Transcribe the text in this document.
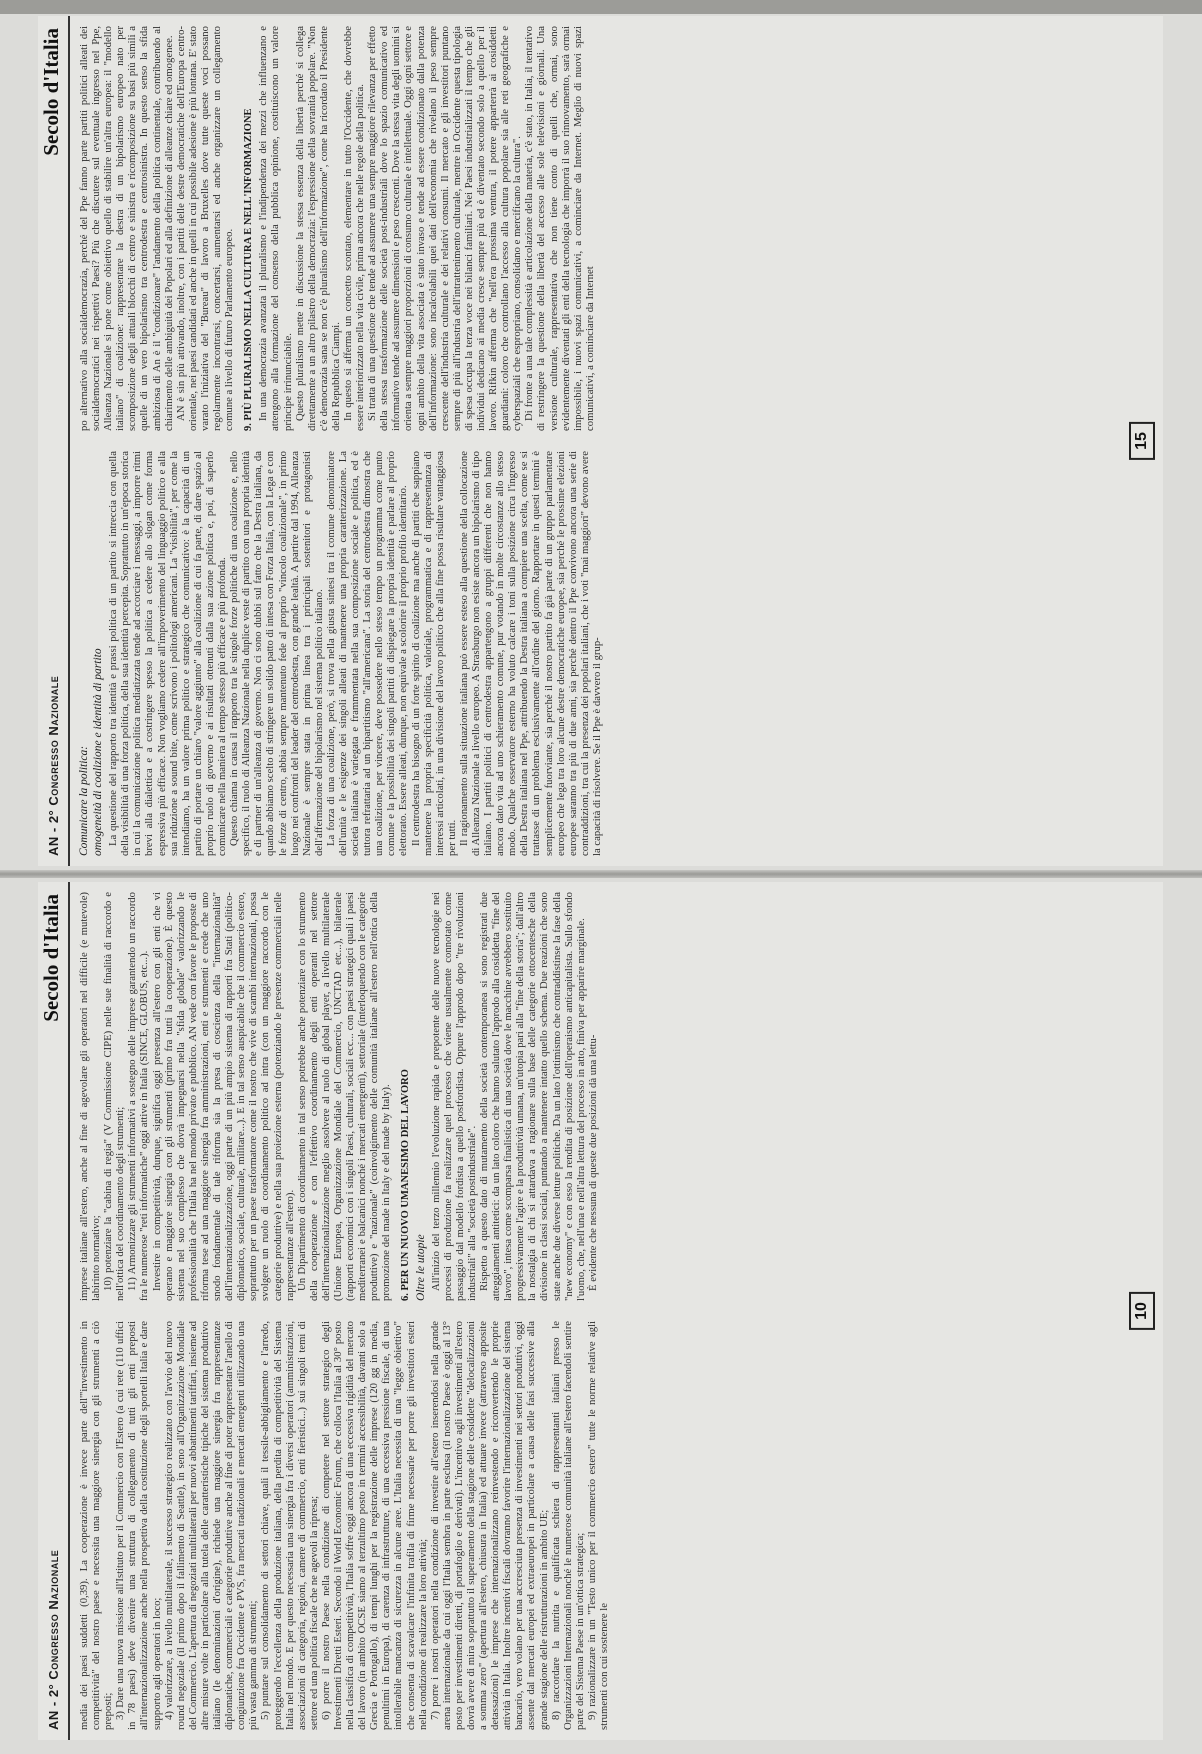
AN - 2° Congresso Nazionale
Secolo d'Italia

media dei paesi suddetti (0,39). La cooperazione è invece parte dell'"investimento in competitività" del nostro paese e necessita una maggiore sinergia con gli strumenti a ciò preposti; 3) Dare una nuova missione all'Istituto per il Commercio con l'Estero (a cui rete (110 uffici in 78 paesi) deve divenire una struttura di collegamento di tutti gli enti preposti all'internazionalizzazione anche nella prospettiva della costituzione degli sportelli Italia e dare supporto agli operatori in loco; 4) valorizzare, a livello multilaterale, il successo strategico realizzato con l'avvio del nuovo round negoziale (il primo dopo il fallimento di Seattle), in seno all'Organizzazione Mondiale del Commercio. L'apertura di negoziati multilaterali per nuovi abbattimenti tariffari, insieme ad altre misure volte in particolare alla tutela delle caratteristiche tipiche del sistema produttivo italiano (le denominazioni d'origine), richiede una maggiore sinergia fra rappresentanze diplomatiche, commerciali e categorie produttive anche al fine di poter rappresentare l'anello di congiunzione fra Occidente e PVS, fra mercati tradizionali e mercati emergenti utilizzando una più vasta gamma di strumenti; 5) puntare sul consolidamento di settori chiave, quali il tessile-abbigliamento e l'arredo, proteggendo l'eccellenza della produzione italiana, della perdita di competitività del Sistema Italia nel mondo. E per questo necessaria una sinergia fra i diversi operatori (amministrazioni, associazioni di categoria, regioni, camere di commercio, enti fieristici...) sui singoli temi di settore ed una politica fiscale che ne agevoli la ripresa; 6) porre il nostro Paese nella condizione di competere nel settore strategico degli Investimenti Diretti Esteri. Secondo il World Economic Forum, che colloca l'Italia al 30° posto nella classifica di competitività, l'Italia soffre oggi ancora di una eccessiva rigidità del mercato del lavoro (in ambito OCSE siamo al terzultimo posto in termini accessibilità, davanti solo a Grecia e Portogallo), di tempi lunghi per la registrazione delle imprese (120 gg in media, penultimi in Europa), di carenza di infrastrutture, di una eccessiva pressione fiscale, di una intollerabile mancanza di sicurezza in alcune aree. L'Italia necessita di una "legge obiettivo" che consenta di scavalcare l'infinita trafila di firme necessarie per porre gli investitori esteri nella condizione di realizzare la loro attività; 7) porre i nostri operatori nella condizione di investire all'estero inserendosi nella grande arena internazionale da cui oggi l'Italia sembra in parte esclusa (il nostro Paese è oggi al 13° posto per investimenti diretti, di portafoglio e derivati). L'incentivo agli investimenti all'estero dovrà avere di mira soprattutto il superamento della stagione delle cosiddette "delocalizzazioni a somma zero" (apertura all'estero, chiusura in Italia) ed attuare invece (attraverso apposite detassazioni) le imprese che internazionalizzano reinvestendo e riconvertendo le proprie attività in Italia. Inoltre incentivi fiscali dovranno favorire l'internazionalizzazione del sistema bancario, vero volano per una accresciuta presenza di investimenti nei settori produttivi, oggi assente dal mercati europei ed extraeuropei in particolare a causa delle fasi successive alla grande stagione delle ristrutturazioni in ambito UE; 8) raccordare la nutrita e qualificata schiera di rappresentanti italiani presso le Organizzazioni Internazionali nonché le numerose comunità italiane all'estero facendoli sentire parte del Sistema Paese in un'ottica strategica; 9) razionalizzare in un "Testo unico per il commercio estero" tutte le norme relative agli strumenti con cui sostenere le

imprese italiane all'estero, anche al fine di agevolare gli operatori nel difficile (e mutevole) labirinto normativo; 10) potenziare la "cabina di regia" (V Commissione CIPE) nelle sue finalità di raccordo e nell'ottica del coordinamento degli strumenti; 11) Armonizzare gli strumenti informativi a sostegno delle imprese garantendo un raccordo fra le numerose "reti informatiche" oggi attive in Italia (SINCE, GLOBUS, etc...). Investire in competitività, dunque, significa oggi presenza all'estero con gli enti che vi operano e maggiore sinergia con gli strumenti (primo fra tutti la cooperazione). È questo sistema nel suo complesso che dovrà impegnarsi nella "sfida globale" valorizzando le professionalità che l'Italia ha nel mondo privato e pubblico. AN vede con favore le proposte di riforma tese ad una maggiore sinergia fra amministrazioni, enti e strumenti e crede che uno snodo fondamentale di tale riforma sia la presa di coscienza della "internazionalità" dell'internazionalizzazione, oggi parte di un più ampio sistema di rapporti fra Stati (politico-diplomatico, sociale, culturale, militare...). E in tal senso auspicabile che il commercio estero, soprattutto per un paese trasformatore come il nostro che vive di scambi internazionali, possa svolgere un ruolo di coordinamento politico ad intra (con un maggiore raccordo con le categorie produttive) e nella sua proiezione esterna (potenziando le presenze commerciali nelle rappresentanze all'estero). Un Dipartimento di coordinamento in tal senso potrebbe anche potenziare con lo strumento della cooperazione e con l'effettivo coordinamento degli enti operanti nel settore dell'internazionalizzazione meglio assolvere al ruolo di global player, a livello multilaterale (Unione Europea, Organizzazione Mondiale del Commercio, UNCTAD etc...), bilaterale (rapporti economici con i singoli Paesi, culturali, sociali ecc... con paesi strategici quali i paesi mediterranei e balcanici nonché i mercati emergenti), settoriale (interloquendo con le categorie produttive) e "nazionale" (coinvolgimento delle comunità italiane all'estero nell'ottica della promozione del made in Italy e del made by Italy). 6. PER UN NUOVO UMANESIMO DEL LAVORO Oltre le utopie All'inizio del terzo millennio l'evoluzione rapida e prepotente delle nuove tecnologie nei processi di produzione fa realizzare quel processo che viene usualmente connotato come passaggio dal modello fordista a quello postfordista. Oppure l'approdo dopo "tre rivoluzioni industriali" alla "società postindustriale". Rispetto a questo dato di mutamento della società contemporanea si sono registrati due atteggiamenti antitetici: da un lato coloro che hanno salutato l'approdo alla cosiddetta "fine del lavoro", intesa come scomparsa finalistica di una società dove le macchine avrebbero sostituito progressivamente l'agire e la produttività umana, un'utopia pari alla "fine della storia"; dall'altro la nostalgia di chi si attardava a ragionare sulla base delle categorie ottocentesche della divisione in classi sociali, puntando a mantenere intatto quello schema. Due reazioni che sono state anche due diverse letture politiche. Da un lato l'ottimismo che contraddistinse la fase della "new economy" e con esso la rendita di posizione dell'operaismo anticapitalista. Sullo sfondo l'uomo, che, nell'una e nell'altra lettura del processo in atto, finiva per apparire marginale. È evidente che nessuna di queste due posizioni dà una lettu-

10
AN - 2° Congresso Nazionale
Secolo d'Italia

Comunicare la politica: omogeneità di coalizione e identità di partito La questione del rapporto tra identità e prassi politica di un partito si intreccia con quella della visibilità di una forza politica, della sua identità percepita. Soprattutto in un'epoca storica in cui la comunicazione politica mediatizzata tende ad accorciare i messaggi, a imporre ritmi brevi alla dialettica e a costringere spesso la politica a cedere allo slogan come forma espressiva più efficace. Non vogliamo cedere all'impoverimento del linguaggio politico e alla sua riduzione a sound bite, come scrivono i politologi americani. La "visibilità", per come la intendiamo, ha un valore prima politico e strategico che comunicativo: è la capacità di un partito di portare un chiaro "valore aggiunto" alla coalizione di cui fa parte, di dare spazio al proprio ruolo di governo e ai risultati ottenuti dalla sua azione politica e, poi, di saperlo comunicare nella maniera al tempo stesso più efficace e più profonda. Questo chiama in causa il rapporto tra le singole forze politiche di una coalizione e, nello specifico, il ruolo di Alleanza Nazionale nella duplice veste di partito con una propria identità e di partner di un'alleanza di governo. Non ci sono dubbi sul fatto che la Destra italiana, da quando abbiamo scelto di stringere un solido patto di intesa con Forza Italia, con la Lega e con le forze di centro, abbia sempre mantenuto fede al proprio "vincolo coalizionale", in primo luogo nei confronti del leader del centrodestra, con grande lealtà. A partire dal 1994, Alleanza Nazionale è sempre stata in prima linea tra i principali sostenitori e protagonisti dell'affermazione del bipolarismo nel sistema politico italiano. La forza di una coalizione, però, si trova nella giusta sintesi tra il comune denominatore dell'unità e le esigenze dei singoli alleati di mantenere una propria caratterizzazione. La società italiana è variegata e frammentata nella sua composizione sociale e politica, ed è tuttora refrattaria ad un bipartitismo "all'americana". La storia del centrodestra dimostra che una coalizione, per vincere, deve possedere nello stesso tempo un programma come punto comune e la possibilità dei singoli partiti di dispiegare la propria identità e parlare al proprio elettorato. Essere alleati, dunque, non equivale a scolorire il proprio profilo identitario. Il centrodestra ha bisogno di un forte spirito di coalizione ma anche di partiti che sappiano mantenere la propria specificità politica, valoriale, programmatica e di rappresentanza di interessi articolati, in una divisione del lavoro politico che alla fine possa risultare vantaggiosa per tutti. Il ragionamento sulla situazione italiana può essere esteso alla questione della collocazione di Alleanza Nazionale a livello europeo. A Strasburgo non esiste ancora un bipolarismo di tipo italiano. I partiti politici di centrodestra appartengono a gruppi differenti che non hanno ancora dato vita ad uno schieramento comune, pur votando in molte circostanze allo stesso modo. Qualche osservatore esterno ha voluto calcare i toni sulla posizione circa l'ingresso della Destra italiana nel Ppe, attribuendo la Destra italiana a compiere una scelta, come se si trattasse di un problema esclusivamente all'ordine del giorno. Rapportare in questi termini è semplicemente fuorviante, sia perché il nostro partito fa già parte di un gruppo parlamentare europeo che lega tra loro alcune destre democratiche europee, sia perché le prossime elezioni europee saranno tra più di due anni, sia perché dentro il Ppe convivono ancora una serie di contraddizioni, tra cui la presenza dei popolari italiani, che i voti "mai maggiori" devono avere la capacità di risolvere. Se il Ppe è davvero il grup-

po alternativo alla socialdemocrazia, perché del Ppe fanno parte partiti politici alleati dei socialdemocratici nei rispettivi Paesi? Più che discutere sul eventuale ingresso nel Ppe, Alleanza Nazionale si pone come obiettivo quello di stabilire un'altra europea: il "modello italiano" di coalizione: rappresentare la destra di un bipolarismo europeo nato per scomposizione degli attuali blocchi di centro e sinistra e ricomposizione su basi più simili a quelle di un vero bipolarismo tra centrodestra e centrosinistra. In questo senso la sfida ambiziosa di An è il "condizionare" l'andamento della politica continentale, contribuendo al chiarimento delle ambiguità dei Popolari ed alla definizione di alleanze chiare ed omogenee. AN è sin più attivando, inoltre, con i partiti delle destre democratiche dell'Europa centro-orientale, nei paesi candidati ed anche in quelli in cui possibile adesione è più lontana. E' stato varato l'iniziativa del "Bureau" di lavoro a Bruxelles dove tutte queste voci possano regolarmente incontrarsi, concertarsi, aumentarsi ed anche organizzare un collegamento comune a livello di futuro Parlamento europeo. 9. PIÙ PLURALISMO NELLA CULTURA E NELL'INFORMAZIONE In una democrazia avanzata il pluralismo e l'indipendenza dei mezzi che influenzano e attengono alla formazione del consenso della pubblica opinione, costituiscono un valore principe irrinunciabile. Questo pluralismo mette in discussione la stessa essenza della libertà perché si collega direttamente a un altro pilastro della democrazia: l'espressione della sovranità popolare. "Non c'è democrazia sana se non c'è pluralismo dell'informazione", come ha ricordato il Presidente della Repubblica Ciampi. In questo si afferma un concetto scontato, elementare in tutto l'Occidente, che dovrebbe essere interiorizzato nella vita civile, prima ancora che nelle regole della politica. Si tratta di una questione che tende ad assumere una sempre maggiore rilevanza per effetto della stessa trasformazione delle società post-industriali dove lo spazio comunicativo ed informativo tende ad assumere dimensioni e peso crescenti. Dove la stessa vita degli uomini si orienta a sempre maggiori proporzioni di consumo culturale e intellettuale. Oggi ogni settore e ogni ambito della vita associata è stato invaso e tende ad essere condizionato dalla potenza dell'informazione: sono incalcolabili quei dati dell'economia che rivelano il peso sempre crescente dell'industria culturale e dei relativi consumi. Il mercato e gli investitori puntano sempre di più all'industria dell'intrattenimento culturale, mentre in Occidente questa tipologia di spesa occupa la terza voce nei bilanci familiari. Nei Paesi industrializzati il tempo che gli individui dedicano ai media cresce sempre più ed è diventato secondo solo a quello per il lavoro. Rifkin afferma che "nell'era prossima ventura, il potere apparterrà ai cosiddetti guardiani: coloro che controllano l'accesso alla cultura popolare sia alle reti geografiche e cyberspaziali che espropriano, consolidano e mercificano la cultura". Di fronte a una tale complessità e articolazione della materia, c'è stato, in Italia, il tentativo di restringere la questione della libertà del accesso alle sole televisioni e giornali. Una versione culturale, rappresentativa che non tiene conto di quelli che, ormai, sono evidentemente diventati gli enti della tecnologia che imporrà il suo rinnovamento, sarà ormai impossibile, i nuovi spazi comunicativi, a cominciare da Internet. Meglio di nuovi spazi comunicativi, a cominciare da Internet

15
